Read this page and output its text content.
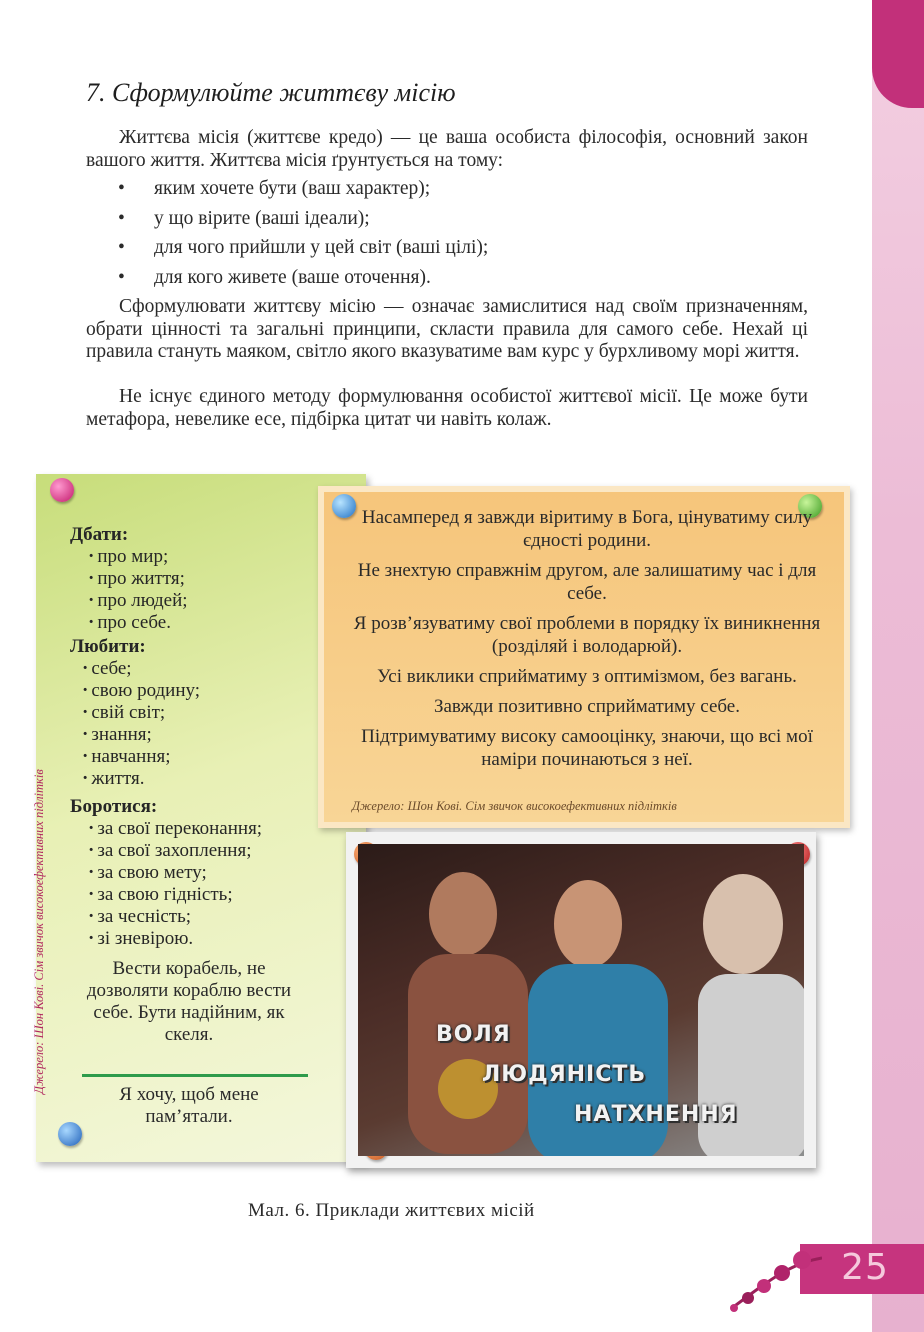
7. Сформулюйте життєву місію
Життєва місія (життєве кредо) — це ваша особиста філософія, основний закон вашого життя. Життєва місія ґрунтується на тому:
• яким хочете бути (ваш характер);
• у що вірите (ваші ідеали);
• для чого прийшли у цей світ (ваші цілі);
• для кого живете (ваше оточення).
Сформулювати життєву місію — означає замислитися над своїм призначенням, обрати цінності та загальні принципи, скласти правила для самого себе. Нехай ці правила стануть маяком, світло якого вказуватиме вам курс у бурхливому морі життя.
Не існує єдиного методу формулювання особистої життєвої місії. Це може бути метафора, невелике есе, підбірка цитат чи навіть колаж.
Джерело: Шон Кові. Сім звичок високоефективних підлітків
Дбати:
· про мир;
· про життя;
· про людей;
· про себе.
Любити:
· себе;
· свою родину;
· свій світ;
· знання;
· навчання;
· життя.
Боротися:
· за свої переконання;
· за свої захоплення;
· за свою мету;
· за свою гідність;
· за чесність;
· зі зневірою.
Вести корабель, не дозволяти кораблю вести себе. Бути надійним, як скеля.
Я хочу, щоб мене пам’ятали.

Насамперед я завжди віритиму в Бога, цінуватиму силу єдності родини.

Не знехтую справжнім другом, але залишатиму час і для себе.

Я розв’язуватиму свої проблеми в порядку їх виникнення (розділяй і володарюй).

Усі виклики сприйматиму з оптимізмом, без вагань.

Завжди позитивно сприйматиму себе.

Підтримуватиму високу самооцінку, знаючи, що всі мої наміри починаються з неї.

Джерело: Шон Кові. Сім звичок високоефективних підлітків
ВОЛЯ
ЛЮДЯНІСТЬ
НАТХНЕННЯ
Мал. 6. Приклади життєвих місій
25
